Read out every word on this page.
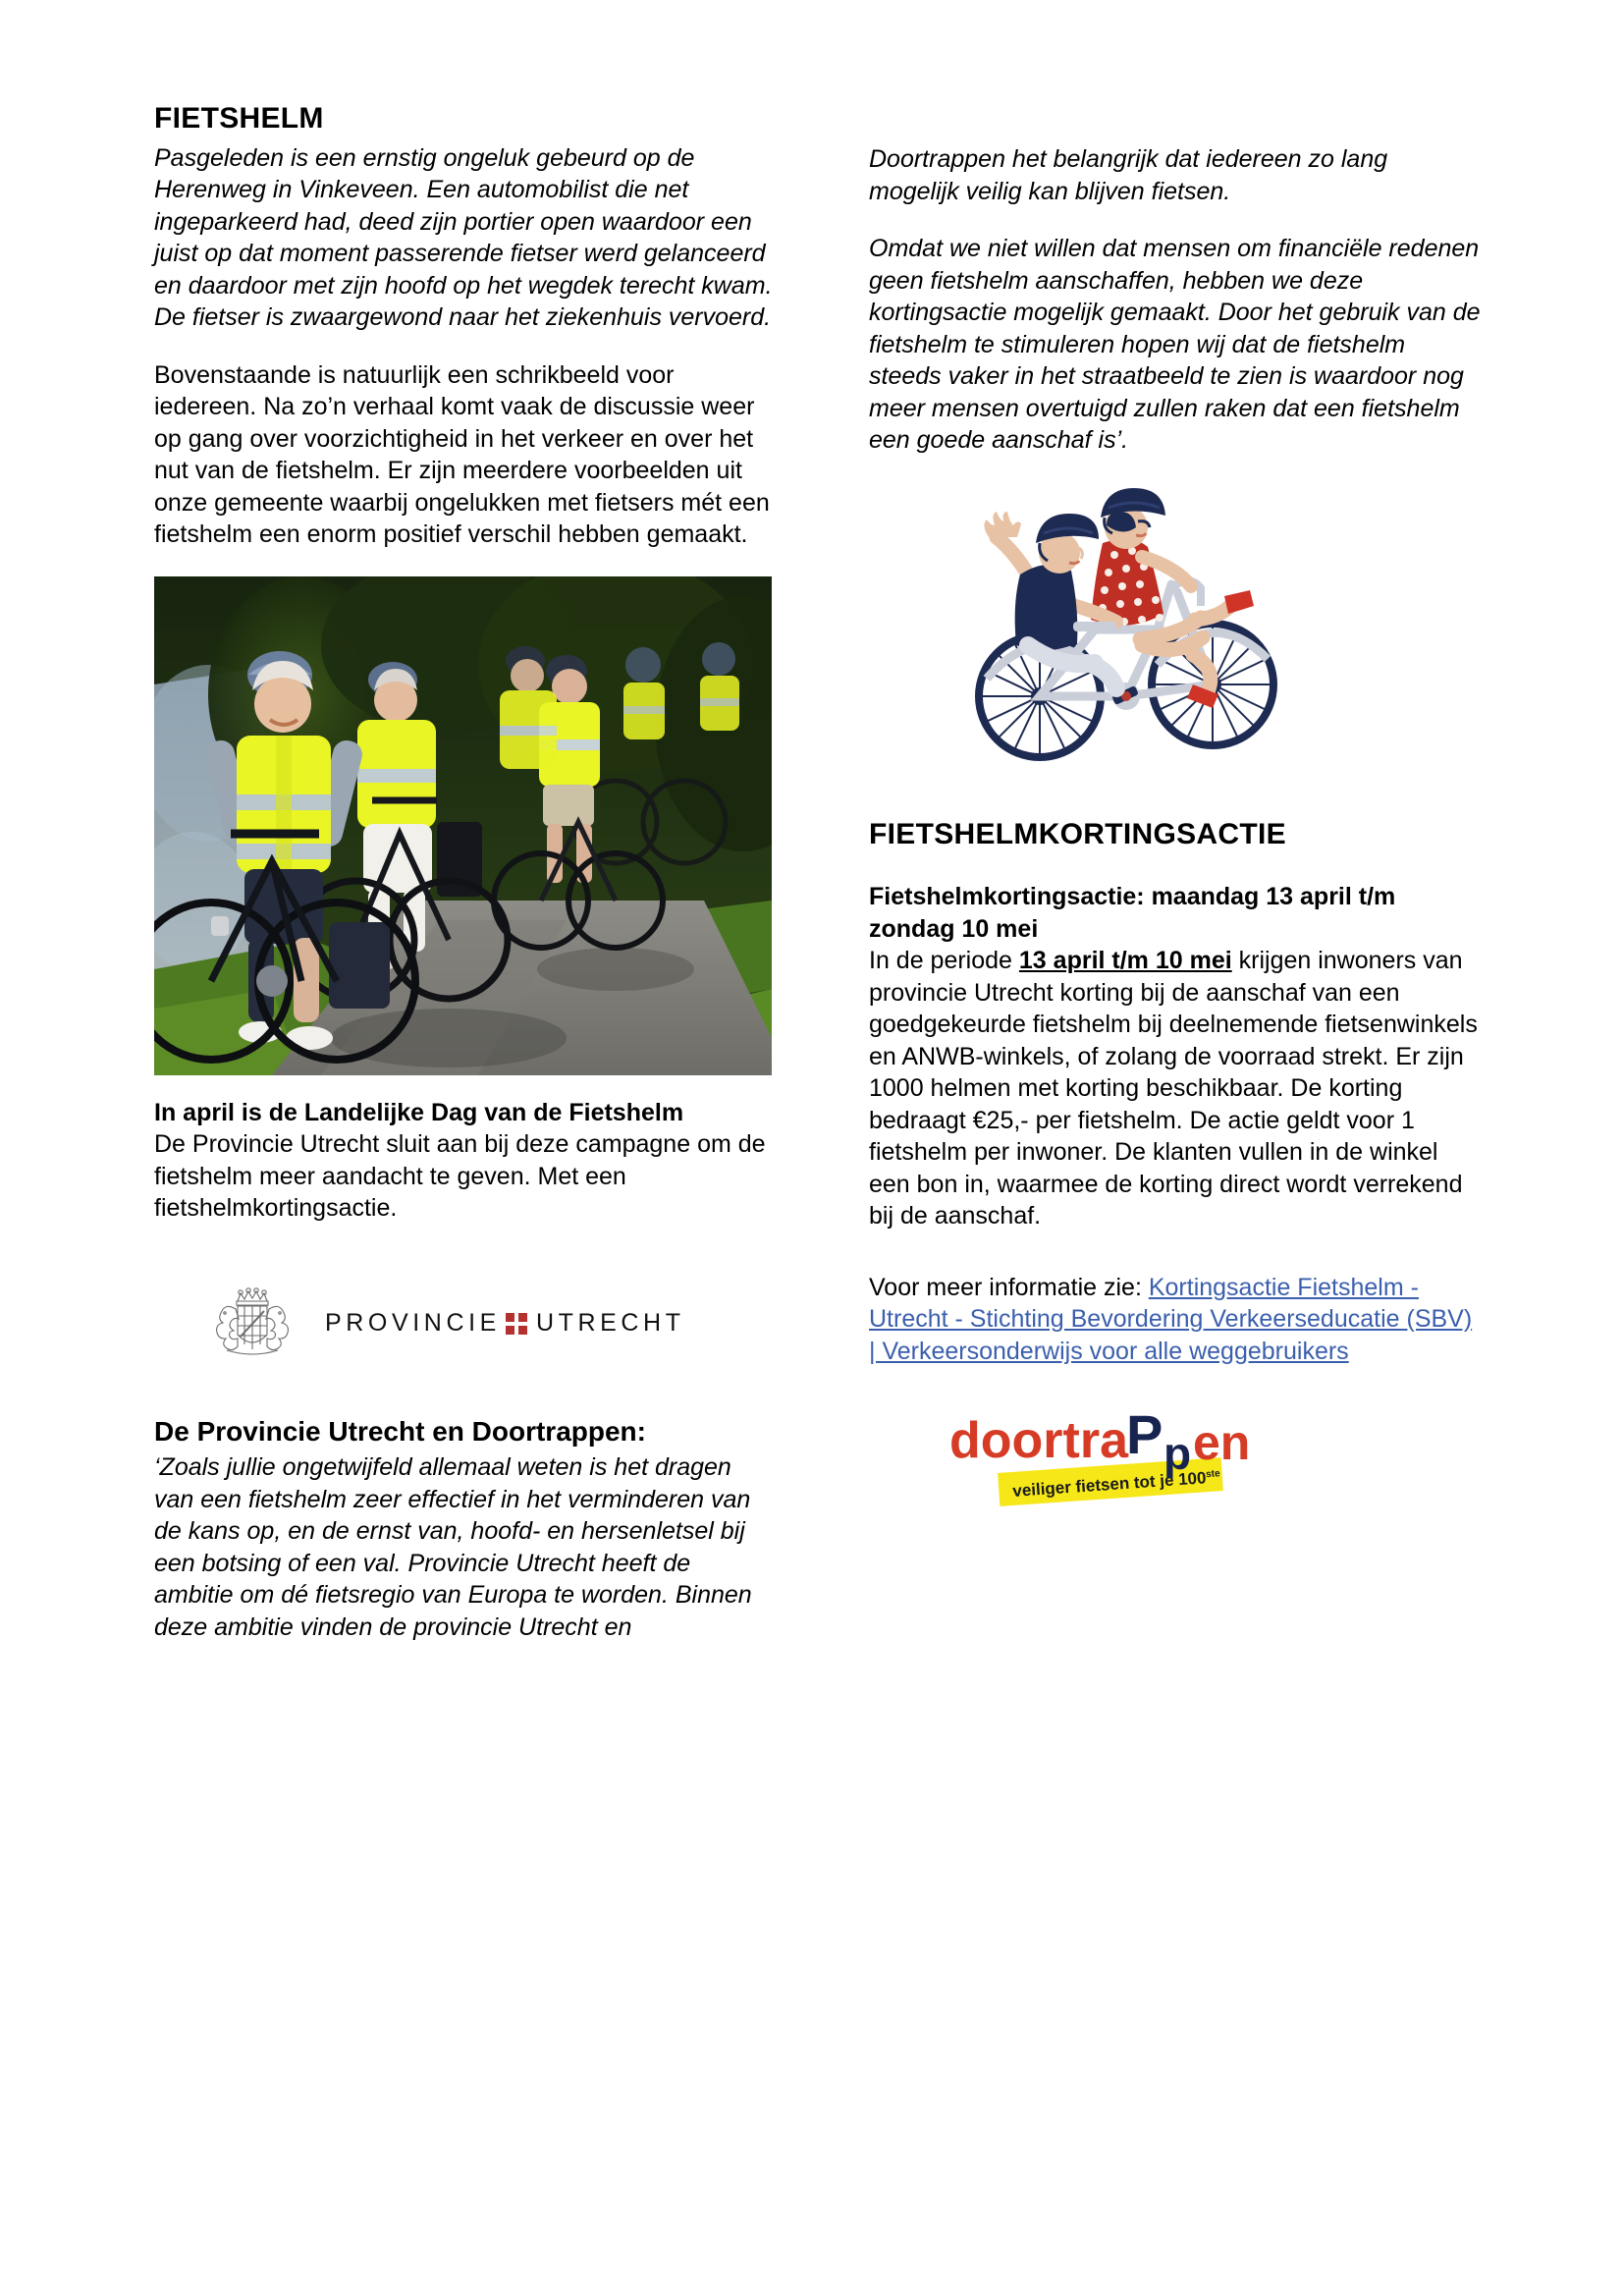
FIETSHELM

Pasgeleden is een ernstig ongeluk gebeurd op de Herenweg in Vinkeveen. Een automobilist die net ingeparkeerd had, deed zijn portier open waardoor een juist op dat moment passerende fietser werd gelanceerd en daardoor met zijn hoofd op het wegdek terecht kwam. De fietser is zwaargewond naar het ziekenhuis vervoerd.

Bovenstaande is natuurlijk een schrikbeeld voor iedereen. Na zo’n verhaal komt vaak de discussie weer op gang over voorzichtigheid in het verkeer en over het nut van de fietshelm. Er zijn meerdere voorbeelden uit onze gemeente waarbij ongelukken met fietsers mét een fietshelm een enorm positief verschil hebben gemaakt.

In april is de Landelijke Dag van de Fietshelm

De Provincie Utrecht sluit aan bij deze campagne om de fietshelm meer aandacht te geven. Met een fietshelmkortingsactie.

PROVINCIE UTRECHT
De Provincie Utrecht en Doortrappen:

‘Zoals jullie ongetwijfeld allemaal weten is het dragen van een fietshelm zeer effectief in het verminderen van de kans op, en de ernst van, hoofd- en hersenletsel bij een botsing of een val. Provincie Utrecht heeft de ambitie om dé fietsregio van Europa te worden. Binnen deze ambitie vinden de provincie Utrecht en

Doortrappen het belangrijk dat iedereen zo lang mogelijk veilig kan blijven fietsen.

Omdat we niet willen dat mensen om financiële redenen geen fietshelm aanschaffen, hebben we deze kortingsactie mogelijk gemaakt. Door het gebruik van de fietshelm te stimuleren hopen wij dat de fietshelm steeds vaker in het straatbeeld te zien is waardoor nog meer mensen overtuigd zullen raken dat een fietshelm een goede aanschaf is’.

FIETSHELMKORTINGSACTIE

Fietshelmkortingsactie: maandag 13 april t/m zondag 10 mei

In de periode 13 april t/m 10 mei krijgen inwoners van provincie Utrecht korting bij de aanschaf van een goedgekeurde fietshelm bij deelnemende fietsenwinkels en ANWB-winkels, of zolang de voorraad strekt. Er zijn 1000 helmen met korting beschikbaar. De korting bedraagt €25,- per fietshelm. De actie geldt voor 1 fietshelm per inwoner. De klanten vullen in de winkel een bon in, waarmee de korting direct wordt verrekend bij de aanschaf.

Voor meer informatie zie: Kortingsactie Fietshelm - Utrecht - Stichting Bevordering Verkeerseducatie (SBV) | Verkeersonderwijs voor alle weggebruikers

veiliger fietsen tot je 100ste
doortra
P p en
